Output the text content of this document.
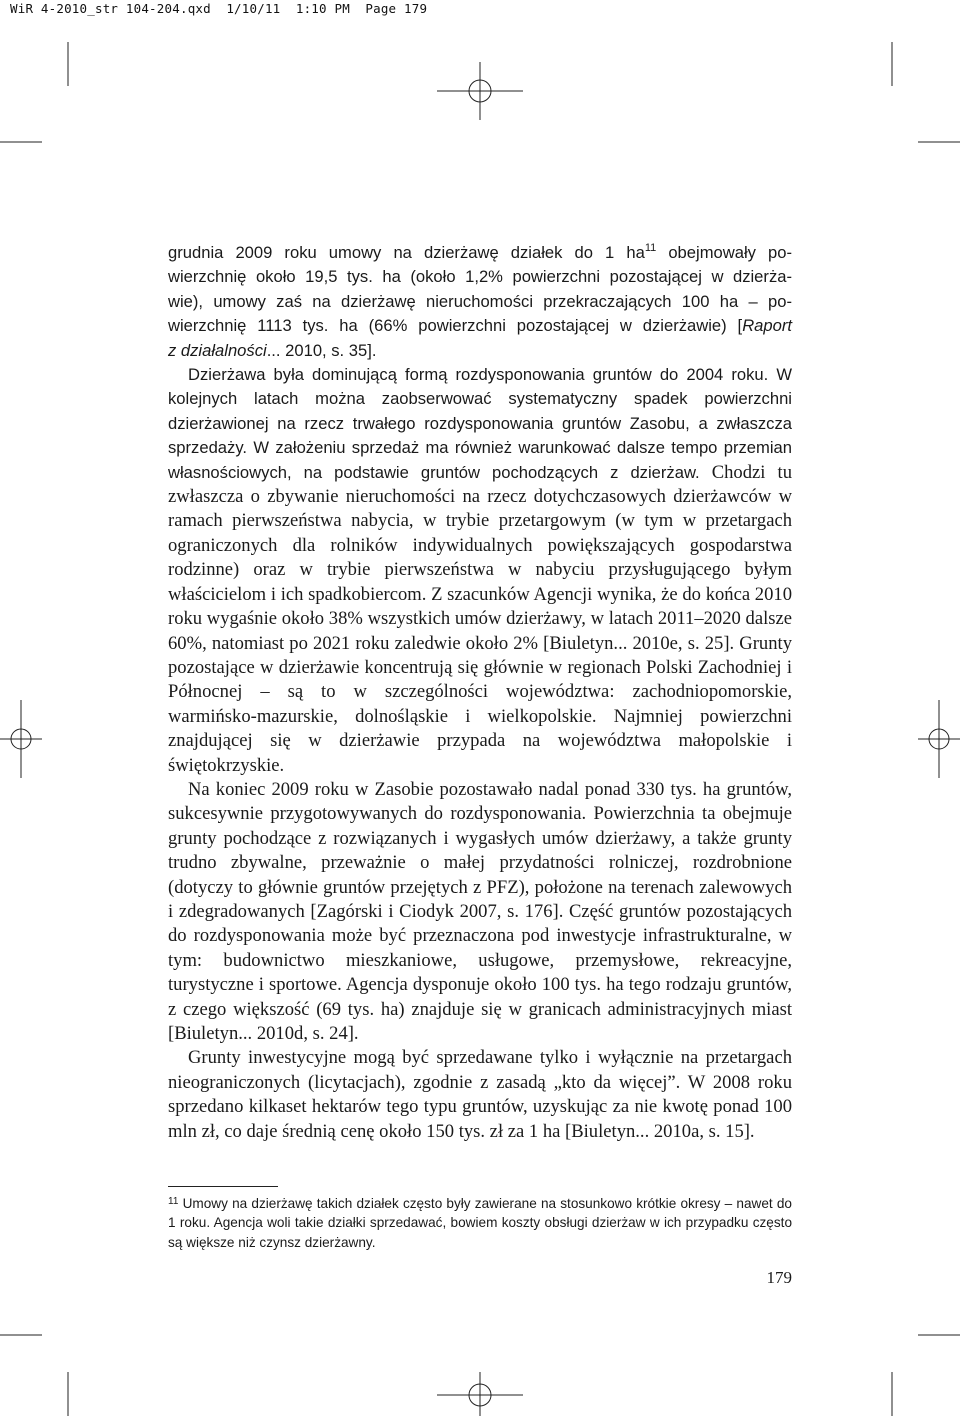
WiR 4-2010_str 104-204.qxd  1/10/11  1:10 PM  Page 179

grudnia 2009 roku umowy na dzierżawę działek do 1 $ha^{11}$ obejmowały po-

wierzchnię około 19,5 tys. ha (około 1,2% powierzchni pozostającej w dzierża-

wie), umowy zaś na dzierżawę nieruchomości przekraczających 100 ha – po-

wierzchnię 1113 tys. ha (66% powierzchni pozostającej w dzierżawie) [Raport

z działalności... 2010, s. 35].

Dzierżawa była dominującą formą rozdysponowania gruntów do 2004 roku. W kolejnych latach można zaobserwować systematyczny spadek powierzchni dzierżawionej na rzecz trwałego rozdysponowania gruntów Zasobu, a zwłaszcza sprzedaży. W założeniu sprzedaż ma również warunkować dalsze tempo przemian własnościowych, na podstawie gruntów pochodzących z dzierżaw. Chodzi tu zwłaszcza o zbywanie nieruchomości na rzecz dotychczasowych dzierżawców w ramach pierwszeństwa nabycia, w trybie przetargowym (w tym w przetargach ograniczonych dla rolników indywidualnych powiększających gospodarstwa rodzinne) oraz w trybie pierwszeństwa w nabyciu przysługującego byłym właścicielom i ich spadkobiercom. Z szacunków Agencji wynika, że do końca 2010 roku wygaśnie około 38% wszystkich umów dzierżawy, w latach 2011–2020 dalsze 60%, natomiast po 2021 roku zaledwie około 2% [Biuletyn... 2010e, s. 25]. Grunty pozostające w dzierżawie koncentrują się głównie w regionach Polski Zachodniej i Północnej – są to w szczególności województwa: zachodniopomorskie, warmińsko-mazurskie, dolnośląskie i wielkopolskie. Najmniej powierzchni znajdującej się w dzierżawie przypada na województwa małopolskie i świętokrzyskie.

Na koniec 2009 roku w Zasobie pozostawało nadal ponad 330 tys. ha gruntów, sukcesywnie przygotowywanych do rozdysponowania. Powierzchnia ta obejmuje grunty pochodzące z rozwiązanych i wygasłych umów dzierżawy, a także grunty trudno zbywalne, przeważnie o małej przydatności rolniczej, rozdrobnione (dotyczy to głównie gruntów przejętych z PFZ), położone na terenach zalewowych i zdegradowanych [Zagórski i Ciodyk 2007, s. 176]. Część gruntów pozostających do rozdysponowania może być przeznaczona pod inwestycje infrastrukturalne, w tym: budownictwo mieszkaniowe, usługowe, przemysłowe, rekreacyjne, turystyczne i sportowe. Agencja dysponuje około 100 tys. ha tego rodzaju gruntów, z czego większość (69 tys. ha) znajduje się w granicach administracyjnych miast [Biuletyn... 2010d, s. 24].

Grunty inwestycyjne mogą być sprzedawane tylko i wyłącznie na przetargach nieograniczonych (licytacjach), zgodnie z zasadą „kto da więcej”. W 2008 roku sprzedano kilkaset hektarów tego typu gruntów, uzyskując za nie kwotę ponad 100 mln zł, co daje średnią cenę około 150 tys. zł za 1 ha [Biuletyn... 2010a, s. 15].

$^{11}$ Umowy na dzierżawę takich działek często były zawierane na stosunkowo krótkie okresy – nawet do 1 roku. Agencja woli takie działki sprzedawać, bowiem koszty obsługi dzierżaw w ich przypadku często są większe niż czynsz dzierżawny.
179
